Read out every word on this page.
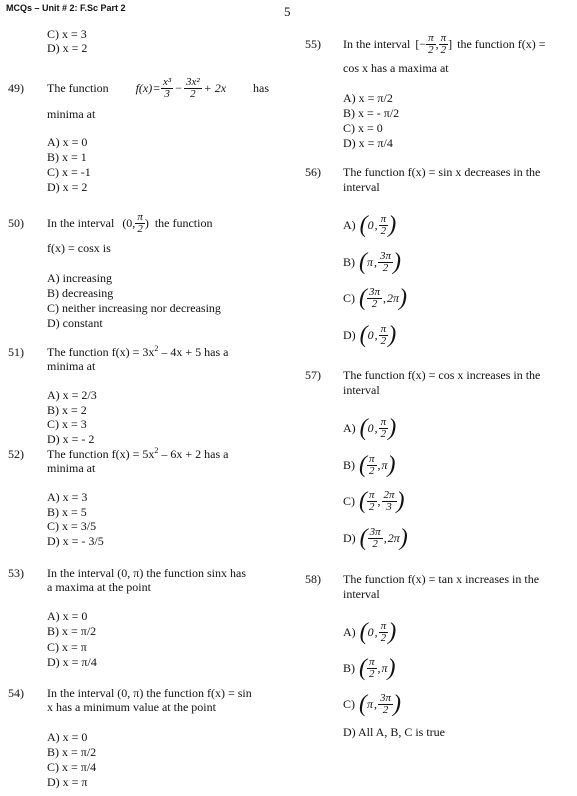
MCQs – Unit # 2: F.Sc Part 2	5
C) x = 3
D) x = 2
49) The function $f(x) = \frac{\text{x³}}{3} - \frac{\text{3x²}}{2} + 2x$ has
minima at
A) x = 0
B) x = 1
C) x = -1
D) x = 2
50) In the interval (0, $\frac{\pi}{2}$ ) the function
f(x) = cosx is
A) increasing
B) decreasing
C) neither increasing nor decreasing
D) constant
51) The function $f(x) = 3x^2 - 4x + 5$ has a
minima at
A) x = 2/3
B) x = 2
C) x = 3
D) x = - 2
52) The function $f(x) = 5x^2 - 6x + 2$ has a
minima at
A) x = 3
B) x = 5
C) x = 3/5
D) x = - 3/5
53) In the interval (0, π) the function sinx has
a maxima at the point
A) x = 0
B) x = π/2
C) x = π
D) x = π/4
54) In the interval (0, π) the function f(x) = sin
x has a minimum value at the point
A) x = 0
B) x = π/2
C) x = π/4
D) x = π
55) In the interval [− $\frac{\pi}{2}$ , $\frac{\pi}{2}$ ] the function f(x) =
cos x has a maxima at
A) x = π/2
B) x = - π/2
C) x = 0
D) x = π/4
56) The function f(x) = sin x decreases in the
interval
A) ( 0 , $\frac{\pi}{2}$ )
B) ( π , $\frac{3\pi}{2}$ )
C) ( $\frac{3\pi}{2}$ , 2π )
D) ( 0 , $\frac{\pi}{2}$ )
57) The function f(x) = cos x increases in the
interval
A) ( 0 , $\frac{\pi}{2}$ )
B) ( $\frac{\pi}{2}$ , π )
C) ( $\frac{\pi}{2}$ , $\frac{2\pi}{3}$ )
D) ( $\frac{3\pi}{2}$ , 2π )
58) The function f(x) = tan x increases in the
interval
A) ( 0 , $\frac{\pi}{2}$ )
B) ( $\frac{\pi}{2}$ , π )
C) ( π , $\frac{3\pi}{2}$ )
D) All A, B, C is true
